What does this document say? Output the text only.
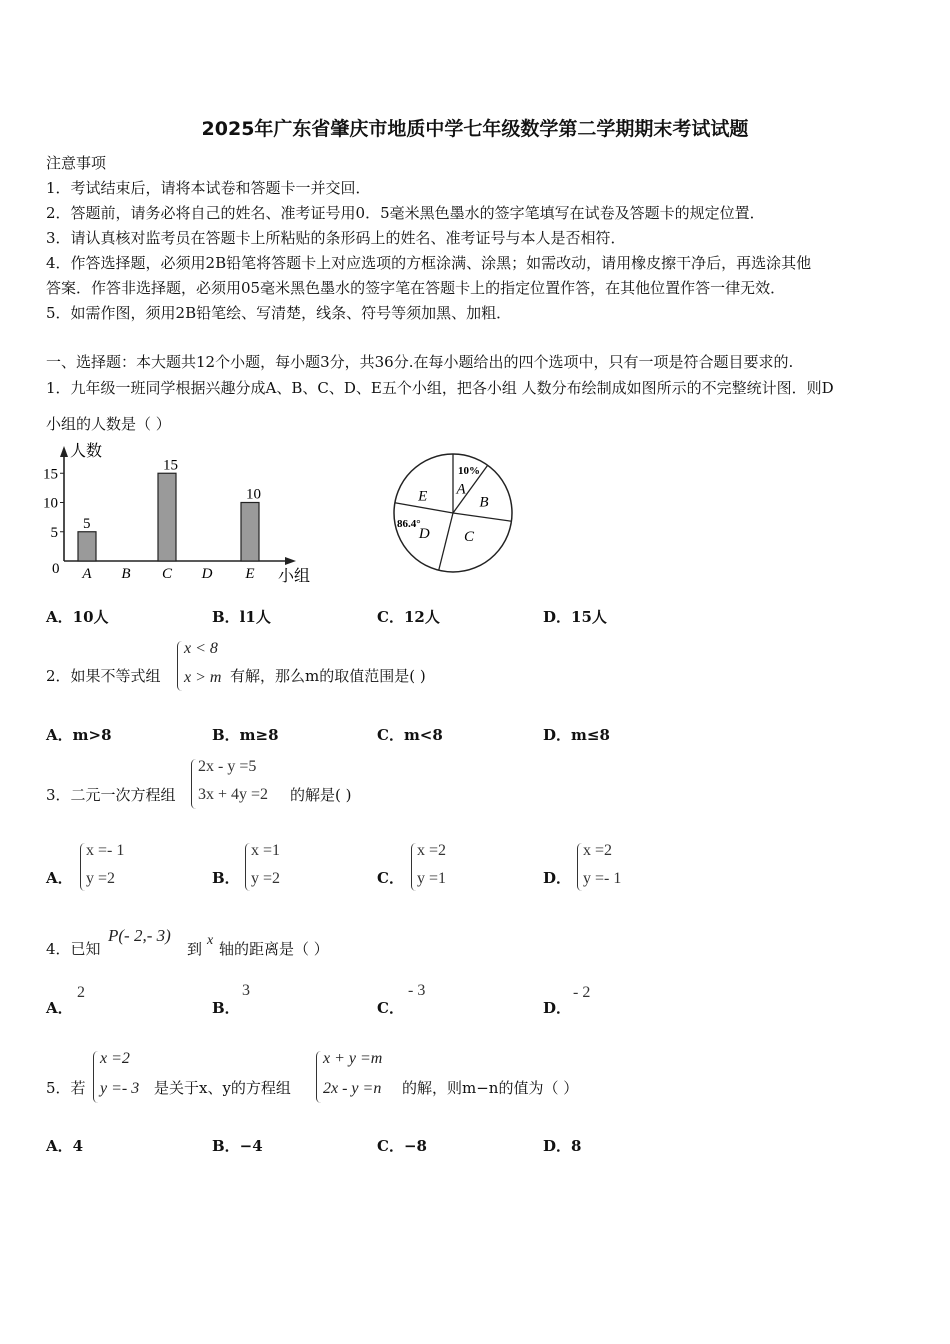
2025年广东省肇庆市地质中学七年级数学第二学期期末考试试题
注意事项
1．考试结束后，请将本试卷和答题卡一并交回．
2．答题前，请务必将自己的姓名、准考证号用0．5毫米黑色墨水的签字笔填写在试卷及答题卡的规定位置．
3．请认真核对监考员在答题卡上所粘贴的条形码上的姓名、准考证号与本人是否相符．
4．作答选择题，必须用2B铅笔将答题卡上对应选项的方框涂满、涂黑；如需改动，请用橡皮擦干净后，再选涂其他
答案．作答非选择题，必须用05毫米黑色墨水的签字笔在答题卡上的指定位置作答，在其他位置作答一律无效．
5．如需作图，须用2B铅笔绘、写清楚，线条、符号等须加黑、加粗．
一、选择题：本大题共12个小题，每小题3分，共36分.在每小题给出的四个选项中，只有一项是符合题目要求的.
1．九年级一班同学根据兴趣分成A、B、C、D、E五个小组，把各小组 人数分布绘制成如图所示的不完整统计图．则D
小组的人数是（ ）
人数
小组
0
5
10
15
5
A B
15
C D
10
E
A
B
C
D
E
10%
86.4°
A．10人	B．l1人	C．12人	D．15人
2．如果不等式组
x < 8
x > m 有解，那么m的取值范围是( )
A．m>8	B．m≥8	C．m<8	D．m≤8
3．二元一次方程组
2x - y =5
3x + 4y =2 的解是( )
A．
x =- 1
y =2	B．
x =1
y =2	C．
x =2
y =1	D．
x =2
y =- 1
4．已知
P(- 2,- 3)
到 x 轴的距离是（ ）
A．
2
B．
3
C．
- 3
D．
- 2
5．若
x =2
y =- 3 是关于x、y的方程组
x + y =m
2x - y =n 的解，则m−n的值为（ ）
A．4	B．−4	C．−8	D．8
